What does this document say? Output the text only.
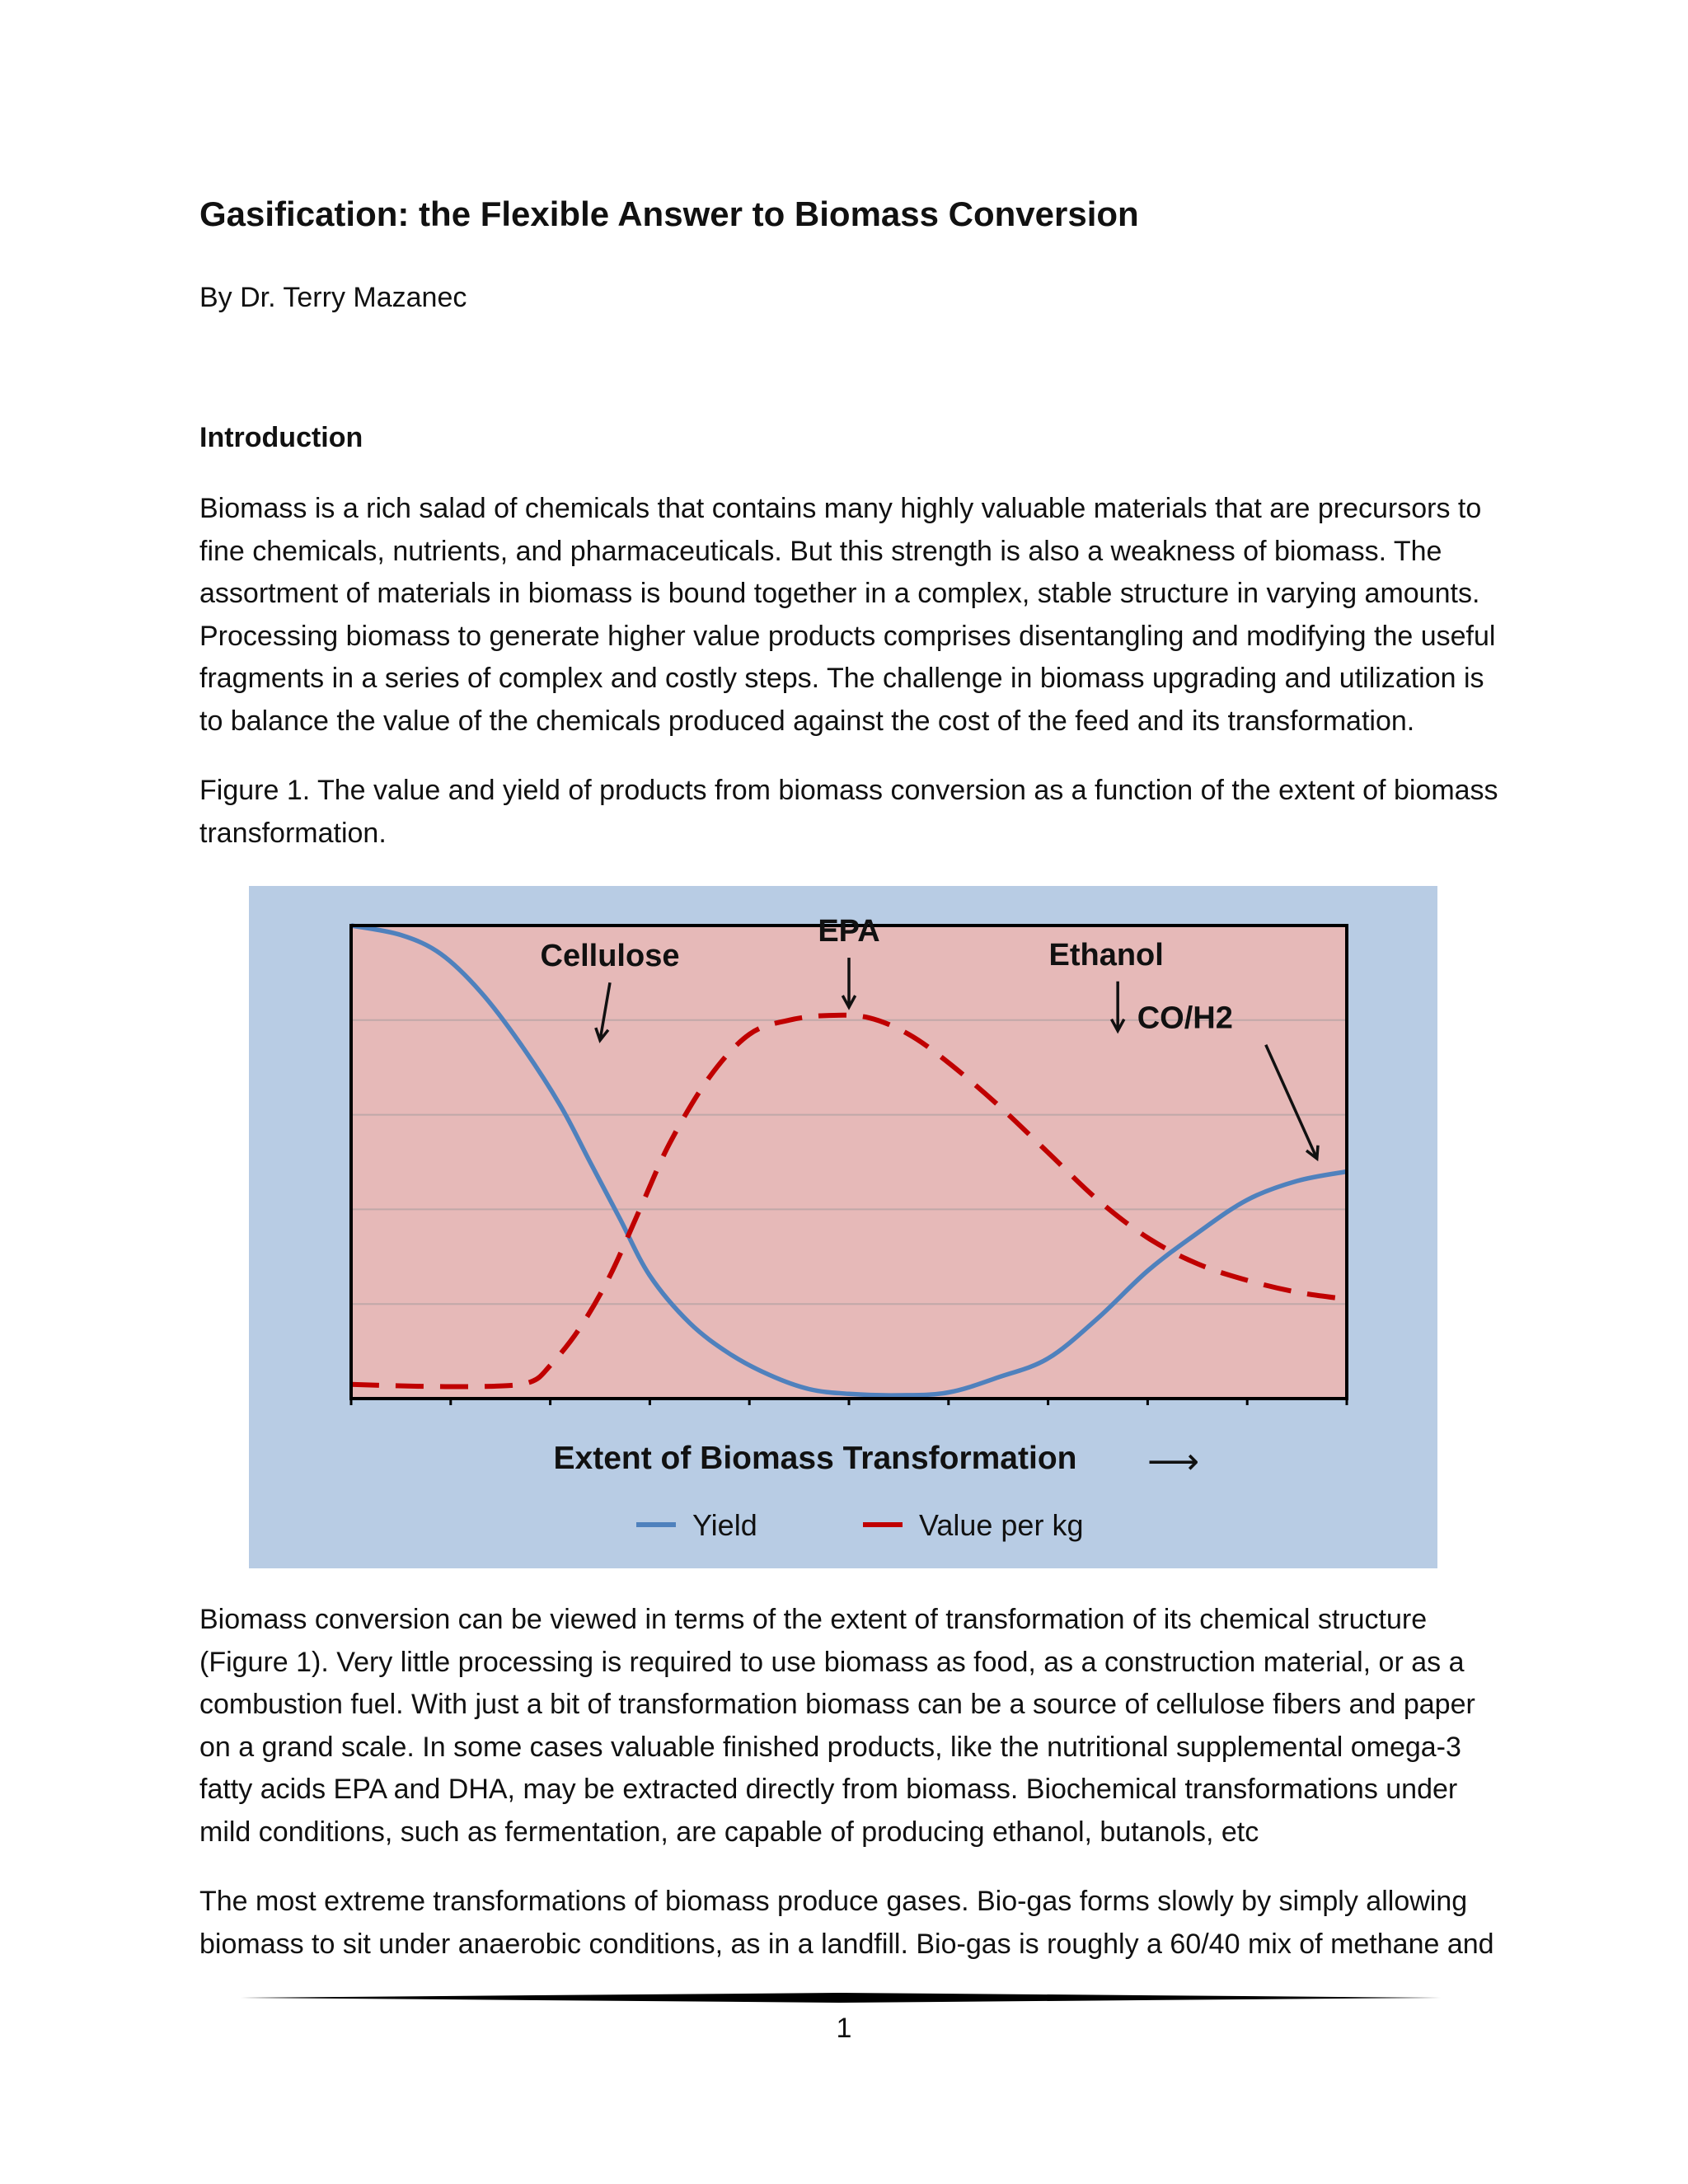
Gasification: the Flexible Answer to Biomass Conversion
By Dr. Terry Mazanec
Introduction

Biomass is a rich salad of chemicals that contains many highly valuable materials that are precursors to
fine chemicals, nutrients, and pharmaceuticals. But this strength is also a weakness of biomass. The
assortment of materials in biomass is bound together in a complex, stable structure in varying amounts.
Processing biomass to generate higher value products comprises disentangling and modifying the useful
fragments in a series of complex and costly steps. The challenge in biomass upgrading and utilization is
to balance the value of the chemicals produced against the cost of the feed and its transformation.

Figure 1. The value and yield of products from biomass conversion as a function of the extent of biomass
transformation.

Cellulose
EPA
Ethanol
CO/H2
Extent of Biomass Transformation ⟶
Yield	Value per kg

Biomass conversion can be viewed in terms of the extent of transformation of its chemical structure
(Figure 1). Very little processing is required to use biomass as food, as a construction material, or as a
combustion fuel. With just a bit of transformation biomass can be a source of cellulose fibers and paper
on a grand scale. In some cases valuable finished products, like the nutritional supplemental omega-3
fatty acids EPA and DHA, may be extracted directly from biomass. Biochemical transformations under
mild conditions, such as fermentation, are capable of producing ethanol, butanols, etc

The most extreme transformations of biomass produce gases. Bio-gas forms slowly by simply allowing
biomass to sit under anaerobic conditions, as in a landfill. Bio-gas is roughly a 60/40 mix of methane and

1
